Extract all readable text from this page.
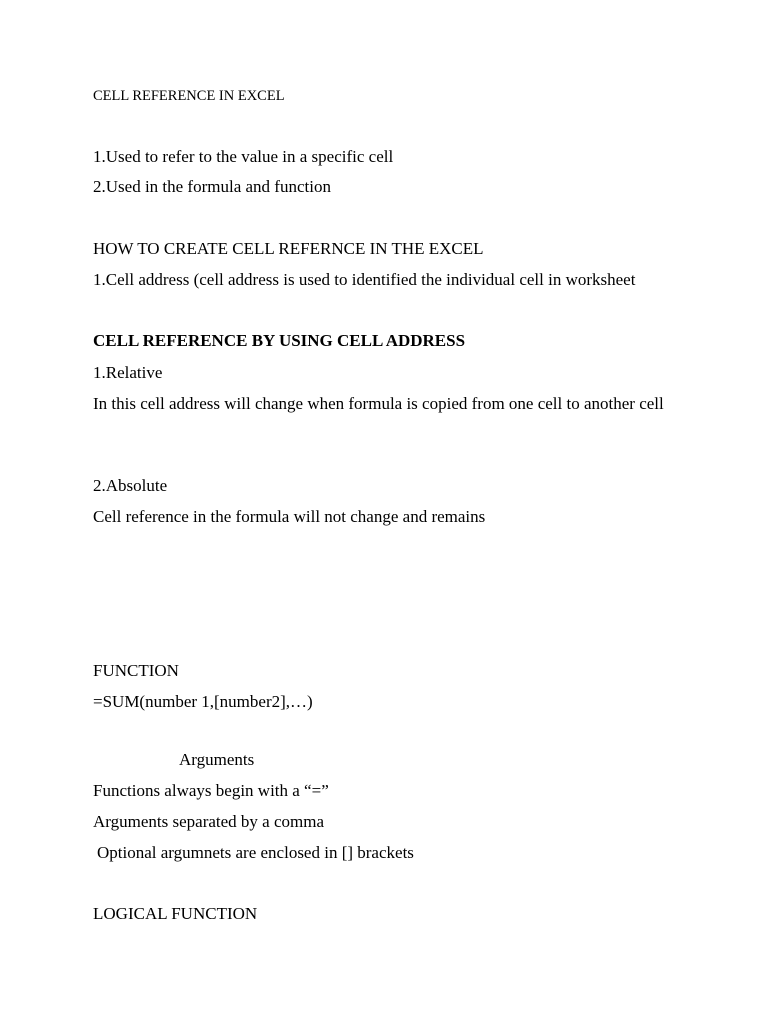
CELL REFERENCE IN EXCEL
1.Used to refer to the value in a specific cell
2.Used in the formula and function
HOW TO CREATE CELL REFERNCE IN THE EXCEL
1.Cell address (cell address is used to identified the individual cell in worksheet
CELL REFERENCE BY USING CELL ADDRESS
1.Relative
In this cell address will change when formula is copied from one cell to another cell
2.Absolute
Cell reference in the formula will not change and remains
FUNCTION
=SUM(number 1,[number2],…)
Arguments
Functions always begin with a “=”
Arguments separated by a comma
Optional argumnets are enclosed in [] brackets
LOGICAL FUNCTION
